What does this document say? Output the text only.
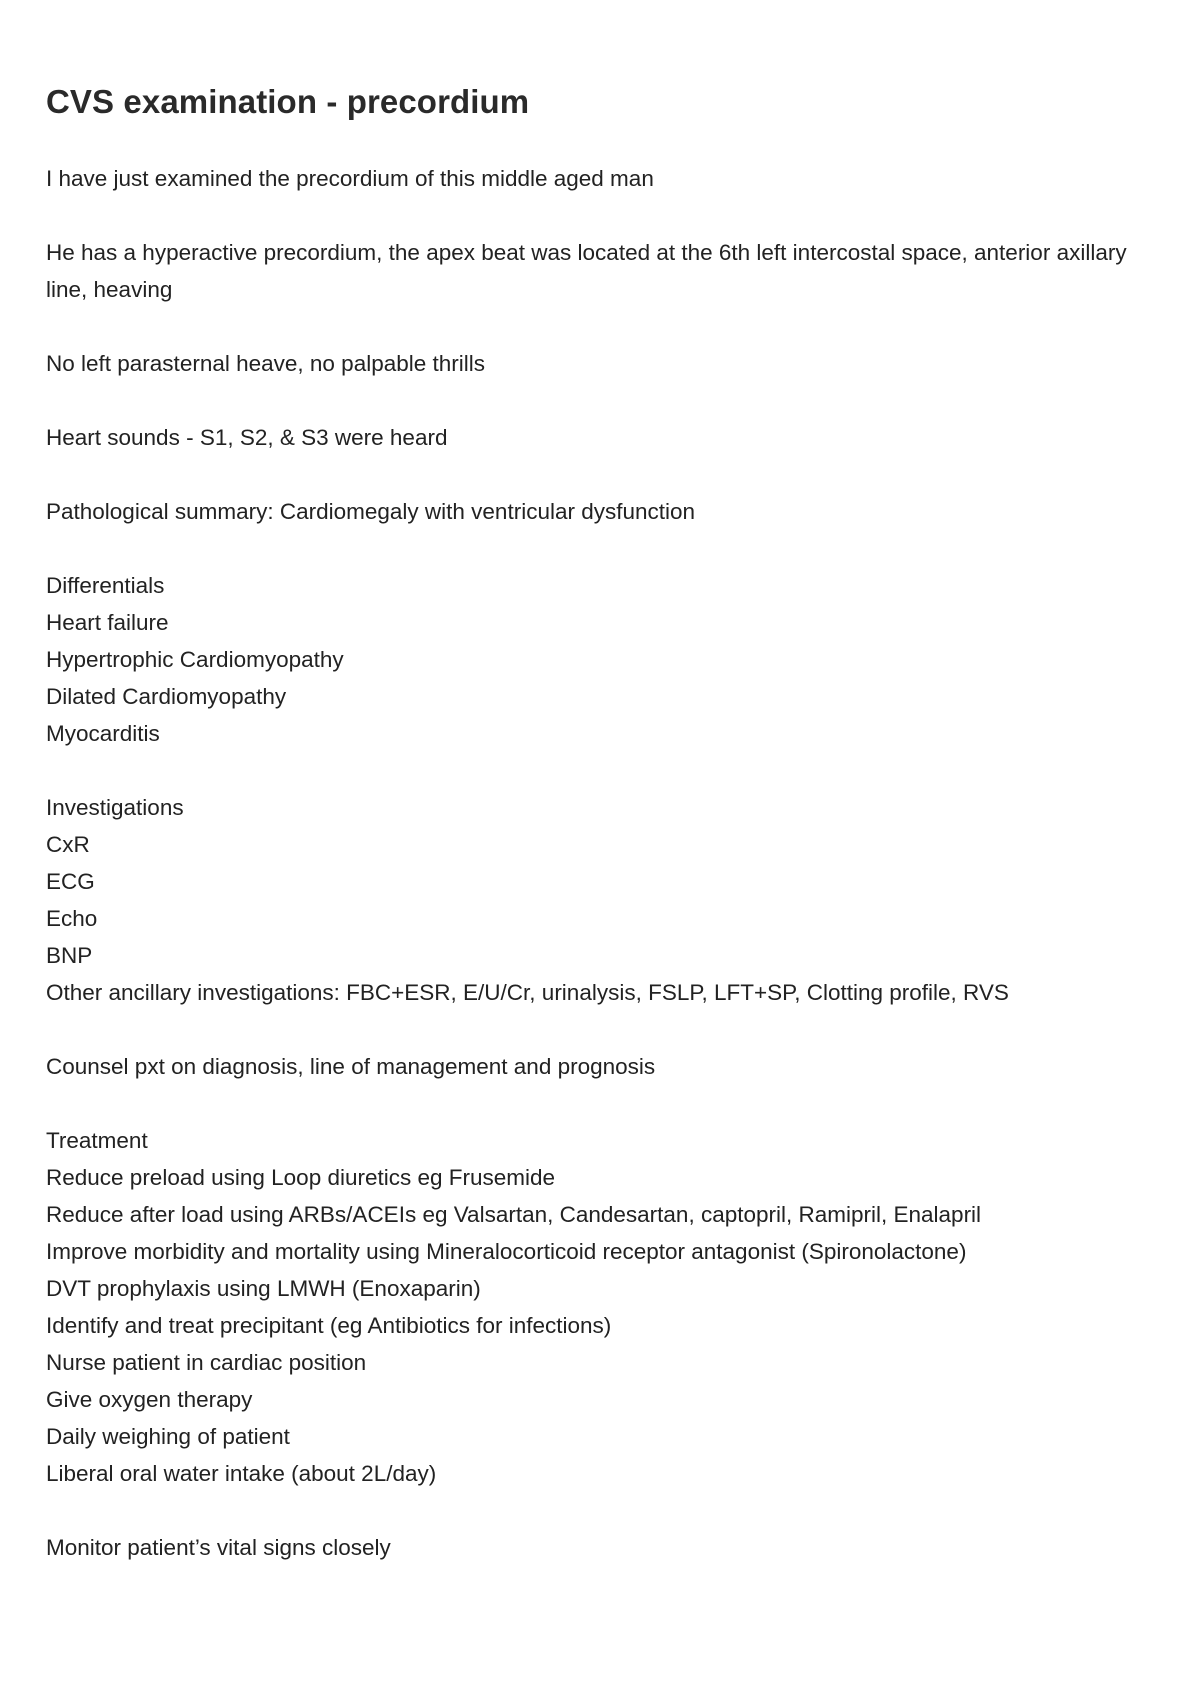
CVS examination - precordium

I have just examined the precordium of this middle aged man

He has a hyperactive precordium, the apex beat was located at the 6th left intercostal space, anterior axillary line, heaving

No left parasternal heave, no palpable thrills

Heart sounds - S1, S2, & S3 were heard

Pathological summary: Cardiomegaly with ventricular dysfunction

Differentials
Heart failure
Hypertrophic Cardiomyopathy
Dilated Cardiomyopathy
Myocarditis
Investigations
CxR
ECG
Echo
BNP
Other ancillary investigations: FBC+ESR, E/U/Cr, urinalysis, FSLP, LFT+SP, Clotting profile, RVS

Counsel pxt on diagnosis, line of management and prognosis

Treatment
Reduce preload using Loop diuretics eg Frusemide
Reduce after load using ARBs/ACEIs eg Valsartan, Candesartan, captopril, Ramipril, Enalapril
Improve morbidity and mortality using Mineralocorticoid receptor antagonist (Spironolactone)
DVT prophylaxis using LMWH (Enoxaparin)
Identify and treat precipitant (eg Antibiotics for infections)
Nurse patient in cardiac position
Give oxygen therapy
Daily weighing of patient
Liberal oral water intake (about 2L/day)

Monitor patient’s vital signs closely
